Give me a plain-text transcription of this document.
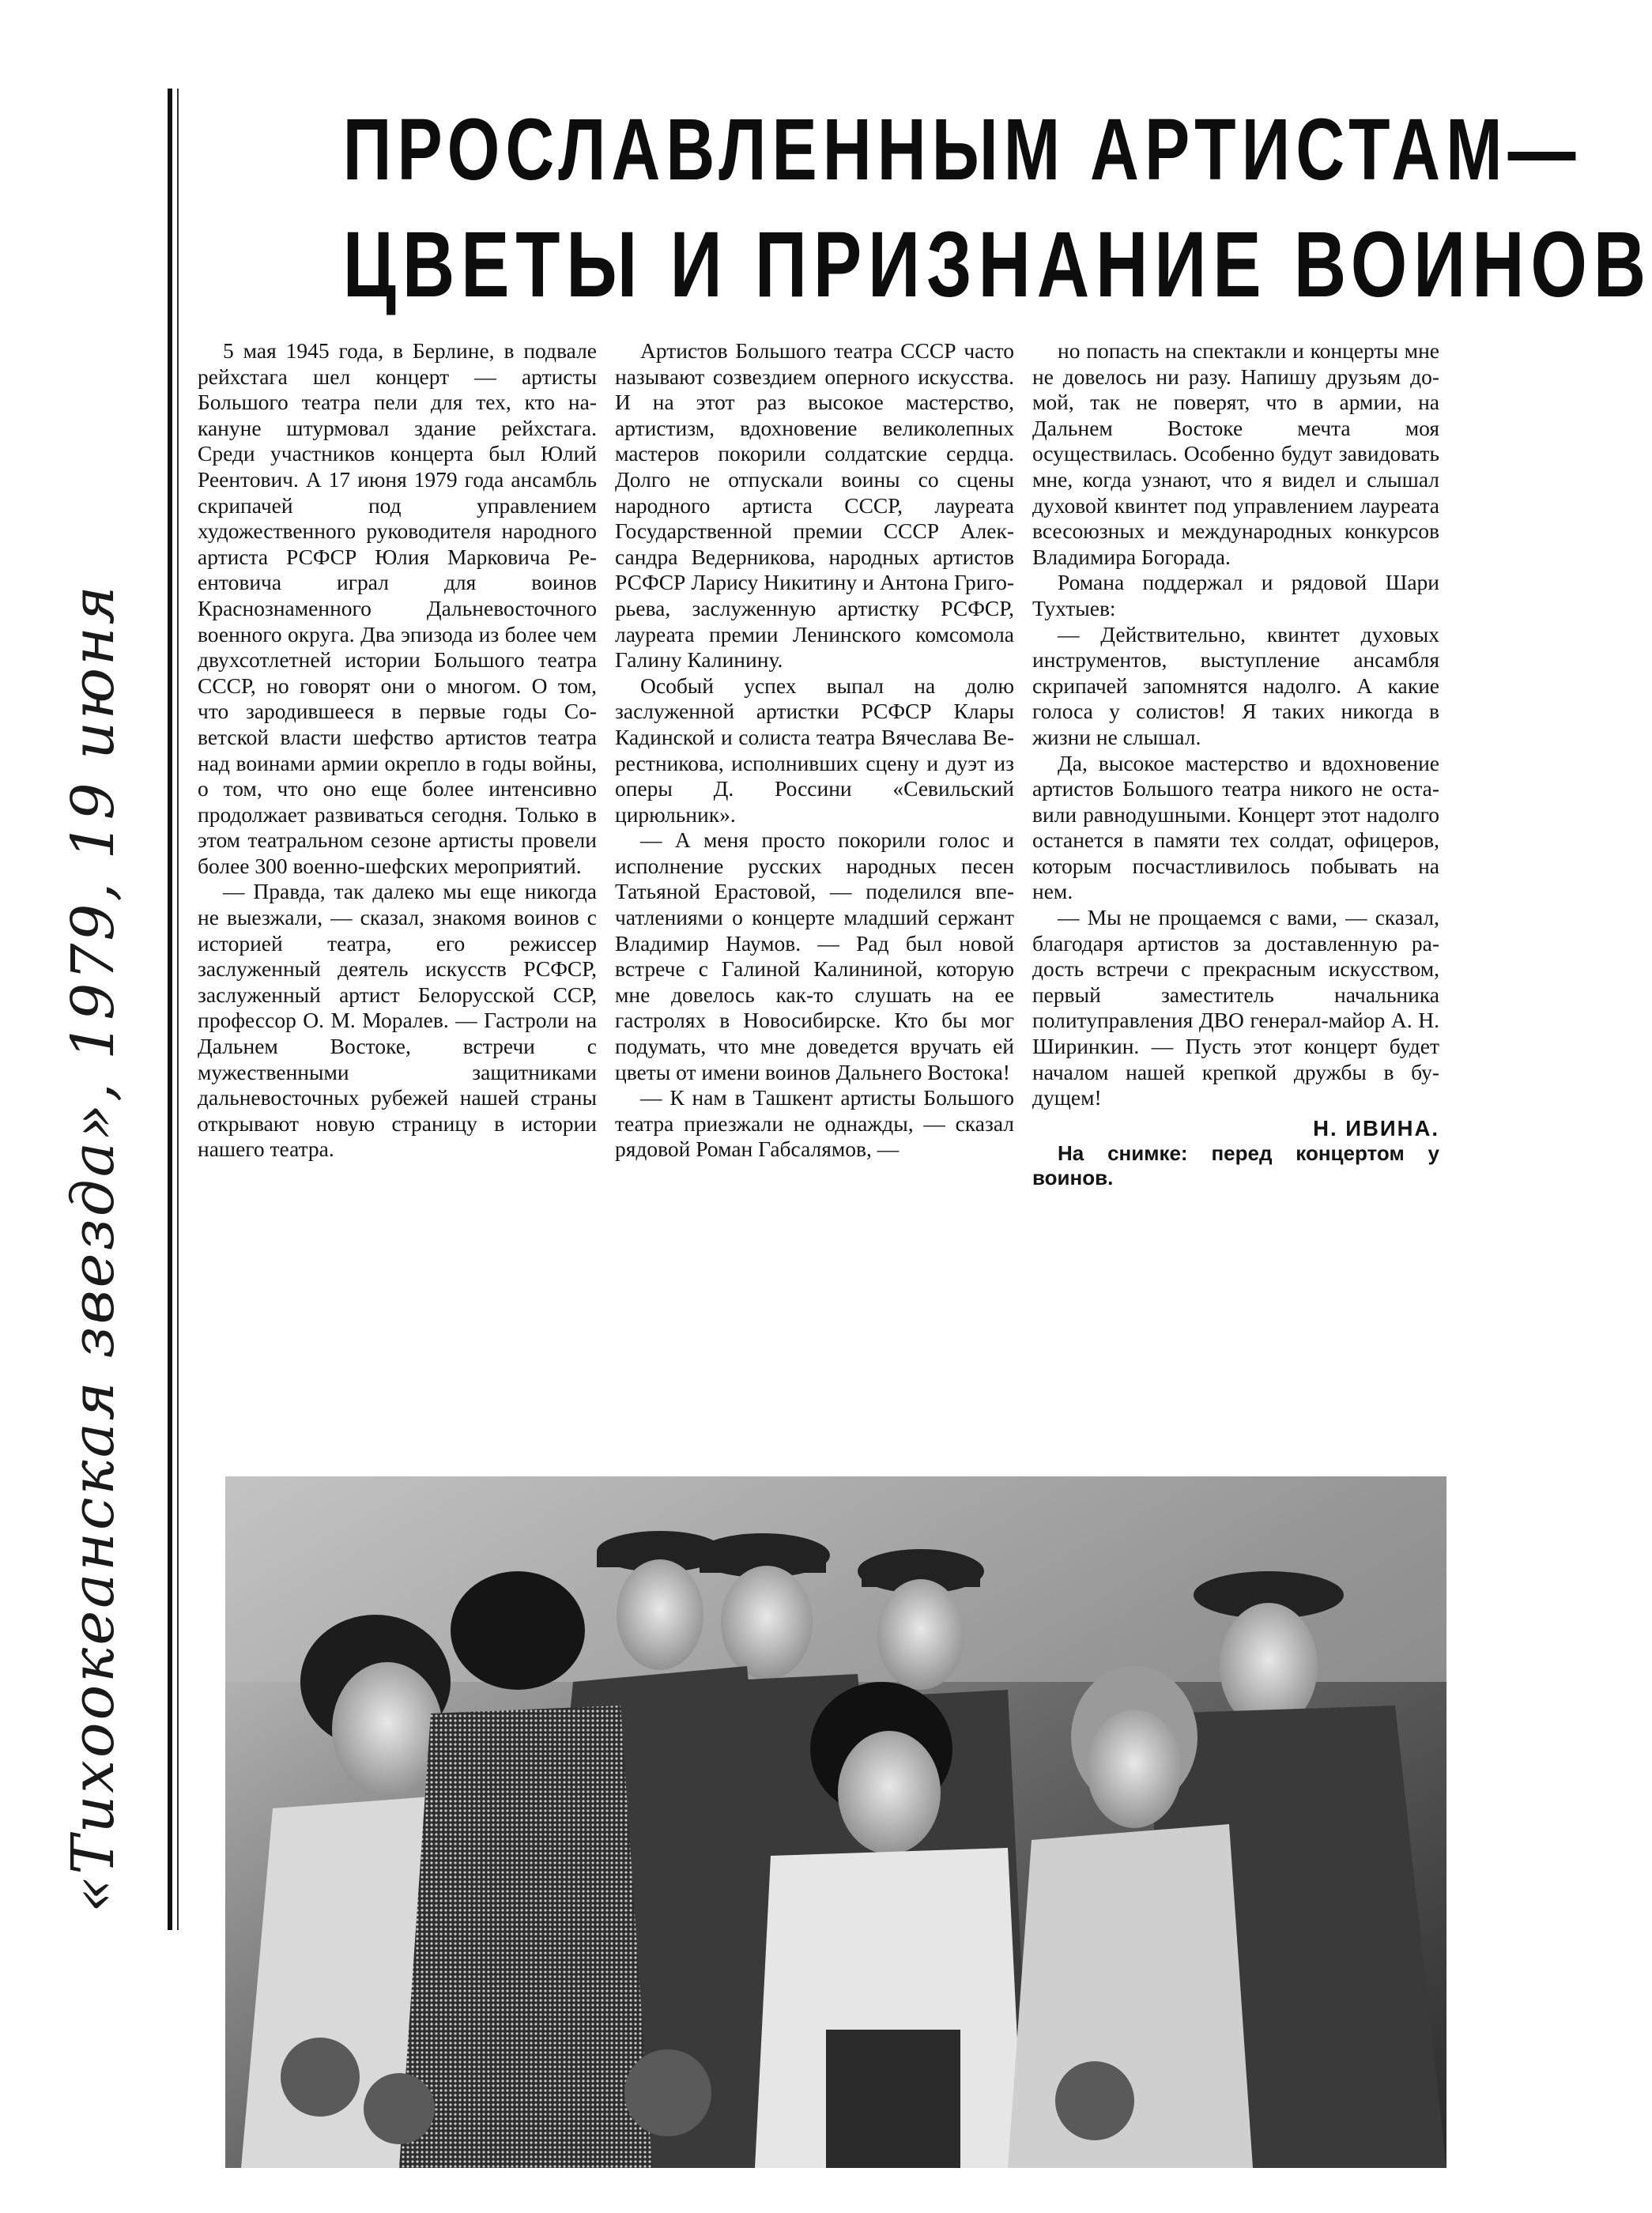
«Тихоокеанская звезда», 1979, 19 июня
ПРОСЛАВЛЕННЫМ АРТИСТАМ—
ЦВЕТЫ И ПРИЗНАНИЕ ВОИНОВ

5 мая 1945 года, в Берлине, в подвале рейхстага шел концерт — артисты Большого театра пели для тех, кто накануне штурмовал здание рейхстага. Среди участников концерта был Юлий Реентович. А 17 июня 1979 года ансамбль скрипачей под управлением художественного руководителя народного артиста РСФСР Юлия Марковича Реентовича играл для воинов Краснознаменного Дальневосточного военного округа. Два эпизода из более чем двухсотлетней истории Большого театра СССР, но говорят они о многом. О том, что зародившееся в первые годы Советской власти шефство артистов театра над воинами армии окрепло в годы войны, о том, что оно еще более интенсивно продолжает развиваться сегодня. Только в этом театральном сезоне артисты провели более 300 военно-шефских мероприятий.

— Правда, так далеко мы еще никогда не выезжали, — сказал, знакомя воинов с историей театра, его режиссер заслуженный деятель искусств РСФСР, заслуженный артист Белорусской ССР, профессор О. М. Моралев. — Гастроли на Дальнем Востоке, встречи с мужественными защитниками дальневосточных рубежей нашей страны открывают новую страницу в истории нашего театра.

Артистов Большого театра СССР часто называют созвездием оперного искусства. И на этот раз высокое мастерство, артистизм, вдохновение великолепных мастеров покорили солдатские сердца. Долго не отпускали воины со сцены народного артиста СССР, лауреата Государственной премии СССР Александра Ведерникова, народных артистов РСФСР Ларису Никитину и Антона Григорьева, заслуженную артистку РСФСР, лауреата премии Ленинского комсомола Галину Калинину.

Особый успех выпал на долю заслуженной артистки РСФСР Клары Кадинской и солиста театра Вячеслава Верестникова, исполнивших сцену и дуэт из оперы Д. Россини «Севильский цирюльник».

— А меня просто покорили голос и исполнение русских народных песен Татьяной Ерастовой, — поделился впечатлениями о концерте младший сержант Владимир Наумов. — Рад был новой встрече с Галиной Калининой, которую мне довелось как-то слушать на ее гастролях в Новосибирске. Кто бы мог подумать, что мне доведется вручать ей цветы от имени воинов Дальнего Востока!

— К нам в Ташкент артисты Большого театра приезжали не однажды, — сказал рядовой Роман Габсалямов, —

но попасть на спектакли и концерты мне не довелось ни разу. Напишу друзьям домой, так не поверят, что в армии, на Дальнем Востоке мечта моя осуществилась. Особенно будут завидовать мне, когда узнают, что я видел и слышал духовой квинтет под управлением лауреата всесоюзных и международных конкурсов Владимира Богорада.

Романа поддержал и рядовой Шари Тухтыев:

— Действительно, квинтет духовых инструментов, выступление ансамбля скрипачей запомнятся надолго. А какие голоса у солистов! Я таких никогда в жизни не слышал.

Да, высокое мастерство и вдохновение артистов Большого театра никого не оставили равнодушными. Концерт этот надолго останется в памяти тех солдат, офицеров, которым посчастливилось побывать на нем.

— Мы не прощаемся с вами, — сказал, благодаря артистов за доставленную радость встречи с прекрасным искусством, первый заместитель начальника политуправления ДВО генерал-майор А. Н. Ширинкин. — Пусть этот концерт будет началом нашей крепкой дружбы в будущем!

Н. ИВИНА.

На снимке: перед концертом у воинов.
